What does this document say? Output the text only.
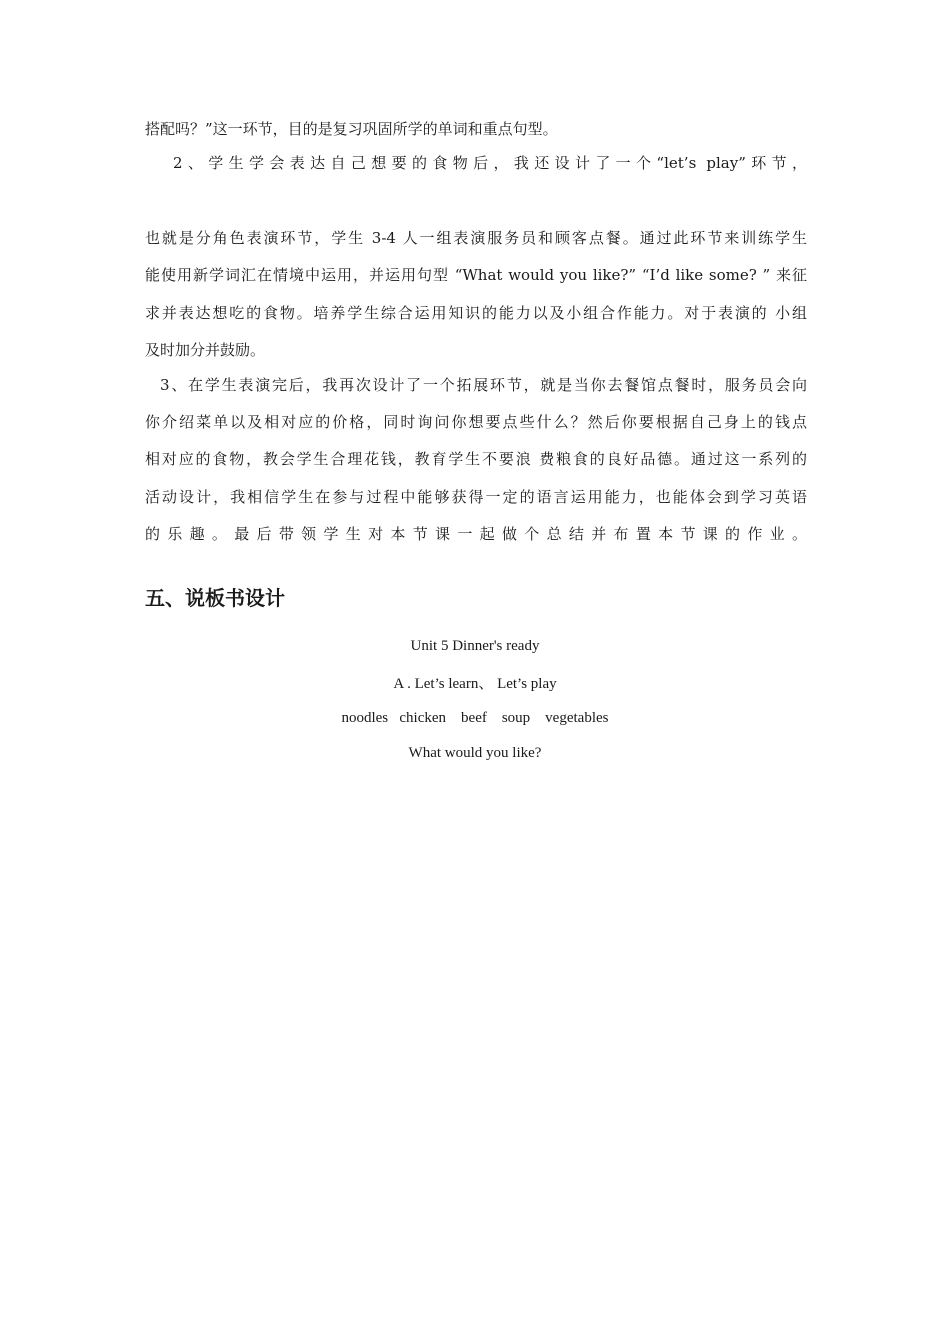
搭配吗？”这一环节，目的是复习巩固所学的单词和重点句型。
2、学生学会表达自己想要的食物后，我还设计了一个“let’s play”环节，
也就是分角色表演环节，学生 3-4 人一组表演服务员和顾客点餐。通过此环节来训练学生
能使用新学词汇在情境中运用，并运用句型 “What would you like?” “I’d like some? ” 来征
求并表达想吃的食物。培养学生综合运用知识的能力以及小组合作能力。对于表演的 小组
及时加分并鼓励。
3、在学生表演完后，我再次设计了一个拓展环节，就是当你去餐馆点餐时，服务员会向
你介绍菜单以及相对应的价格，同时询问你想要点些什么？然后你要根据自己身上的钱点
相对应的食物，教会学生合理花钱，教育学生不要浪 费粮食的良好品德。通过这一系列的
活动设计，我相信学生在参与过程中能够获得一定的语言运用能力，也能体会到学习英语
的乐趣。最后带领学生对本节课一起做个总结并布置本节课的作业。
五、说板书设计
Unit 5 Dinner's ready
A . Let’s learn、 Let’s play
noodles   chicken    beef    soup    vegetables
What would you like?
